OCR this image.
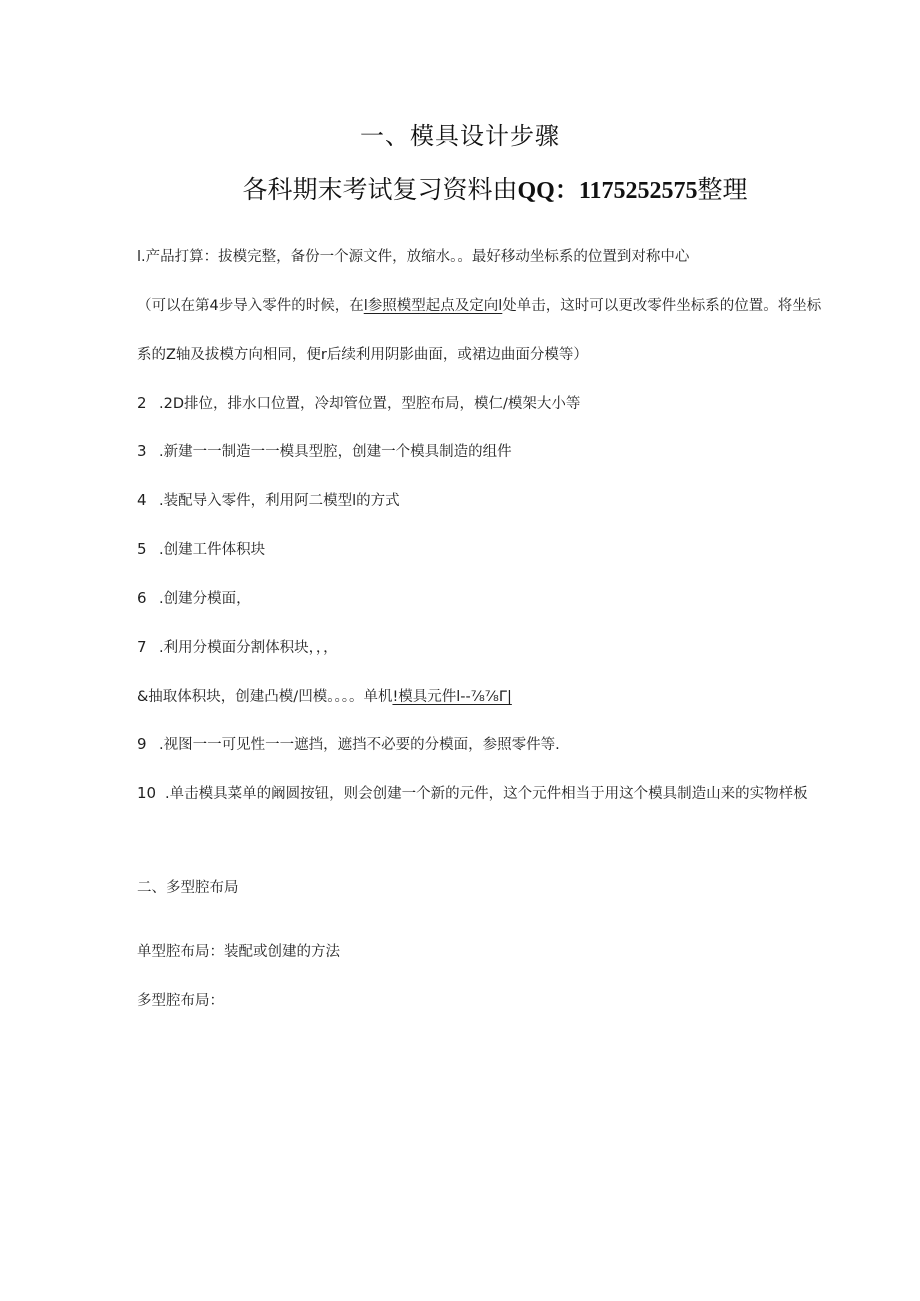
一、模具设计步骤
各科期末考试复习资料由QQ：1175252575整理
l.产品打算：拔模完整，备份一个源文件，放缩水。。最好移动坐标系的位置到对称中心
（可以在第4步导入零件的时候，在l参照模型起点及定向l处单击，这时可以更改零件坐标系的位置。将坐标
系的Z轴及拔模方向相同，便r后续利用阴影曲面，或裙边曲面分模等）
2 .2D排位，排水口位置，冷却管位置，型腔布局，模仁/模架大小等
3 .新建一一制造一一模具型腔，创建一个模具制造的组件
4 .装配导入零件，利用阿二模型l的方式
5 .创建工件体积块
6 .创建分模面，
7 .利用分模面分割体积块，，，
&抽取体积块，创建凸模/凹模。。。。单机!模具元件l--⅞⅞Γ|
9 .视图一一可见性一一遮挡，遮挡不必要的分模面，参照零件等.
10 .单击模具菜单的阚圆按钮，则会创建一个新的元件，这个元件相当于用这个模具制造山来的实物样板
二、多型腔布局
单型腔布局：装配或创建的方法
多型腔布局：
